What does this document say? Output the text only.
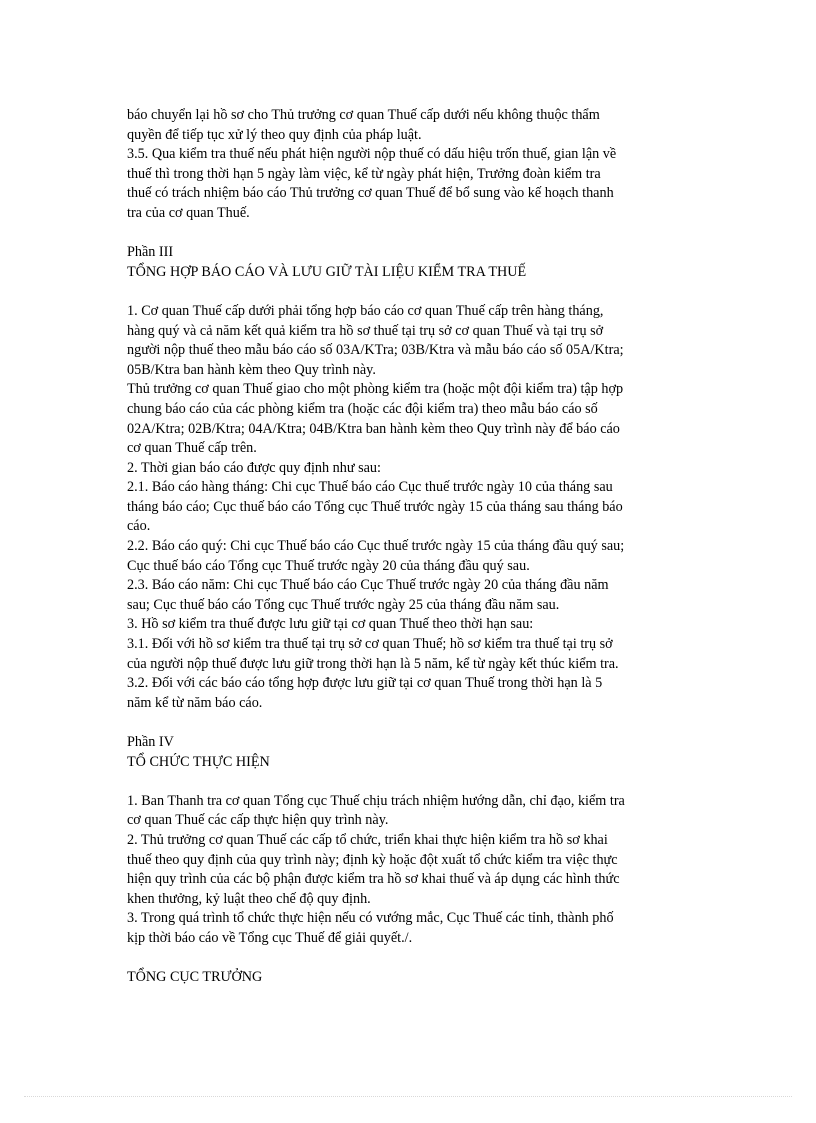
báo chuyển lại hồ sơ cho Thủ trưởng cơ quan Thuế cấp dưới nếu không thuộc thẩm
quyền để tiếp tục xử lý theo quy định của pháp luật.
3.5. Qua kiểm tra thuế nếu phát hiện người nộp thuế có dấu hiệu trốn thuế, gian lận về
thuế thì trong thời hạn 5 ngày làm việc, kể từ ngày phát hiện, Trưởng đoàn kiểm tra
thuế có trách nhiệm báo cáo Thủ trưởng cơ quan Thuế để bổ sung vào kế hoạch thanh
tra của cơ quan Thuế.
Phần III
TỔNG HỢP BÁO CÁO VÀ LƯU GIỮ TÀI LIỆU KIỂM TRA THUẾ
1. Cơ quan Thuế cấp dưới phải tổng hợp báo cáo cơ quan Thuế cấp trên hàng tháng,
hàng quý và cả năm kết quả kiểm tra hồ sơ thuế tại trụ sở cơ quan Thuế và tại trụ sở
người nộp thuế theo mẫu báo cáo số 03A/KTra; 03B/Ktra và mẫu báo cáo số 05A/Ktra;
05B/Ktra ban hành kèm theo Quy trình này.
Thủ trưởng cơ quan Thuế giao cho một phòng kiểm tra (hoặc một đội kiểm tra) tập hợp
chung báo cáo của các phòng kiểm tra (hoặc các đội kiểm tra) theo mẫu báo cáo số
02A/Ktra; 02B/Ktra; 04A/Ktra; 04B/Ktra ban hành kèm theo Quy trình này để báo cáo
cơ quan Thuế cấp trên.
2. Thời gian báo cáo được quy định như sau:
2.1. Báo cáo hàng tháng: Chi cục Thuế báo cáo Cục thuế trước ngày 10 của tháng sau
tháng báo cáo; Cục thuế báo cáo Tổng cục Thuế trước ngày 15 của tháng sau tháng báo
cáo.
2.2. Báo cáo quý: Chi cục Thuế báo cáo Cục thuế trước ngày 15 của tháng đầu quý sau;
Cục thuế báo cáo Tổng cục Thuế trước ngày 20 của tháng đầu quý sau.
2.3. Báo cáo năm: Chi cục Thuế báo cáo Cục Thuế trước ngày 20 của tháng đầu năm
sau; Cục thuế báo cáo Tổng cục Thuế trước ngày 25 của tháng đầu năm sau.
3. Hồ sơ kiểm tra thuế được lưu giữ tại cơ quan Thuế theo thời hạn sau:
3.1. Đối với hồ sơ kiểm tra thuế tại trụ sở cơ quan Thuế; hồ sơ kiểm tra thuế tại trụ sở
của người nộp thuế được lưu giữ trong thời hạn là 5 năm, kể từ ngày kết thúc kiểm tra.
3.2. Đối với các báo cáo tổng hợp được lưu giữ tại cơ quan Thuế trong thời hạn là 5
năm kể từ năm báo cáo.
Phần IV
TỔ CHỨC THỰC HIỆN
1. Ban Thanh tra cơ quan Tổng cục Thuế chịu trách nhiệm hướng dẫn, chỉ đạo, kiểm tra
cơ quan Thuế các cấp thực hiện quy trình này.
2. Thủ trưởng cơ quan Thuế các cấp tổ chức, triển khai thực hiện kiểm tra hồ sơ khai
thuế theo quy định của quy trình này; định kỳ hoặc đột xuất tổ chức kiểm tra việc thực
hiện quy trình của các bộ phận được kiểm tra hồ sơ khai thuế và áp dụng các hình thức
khen thưởng, kỷ luật theo chế độ quy định.
3. Trong quá trình tổ chức thực hiện nếu có vướng mắc, Cục Thuế các tỉnh, thành phố
kịp thời báo cáo về Tổng cục Thuế để giải quyết./.
TỔNG CỤC TRƯỞNG
